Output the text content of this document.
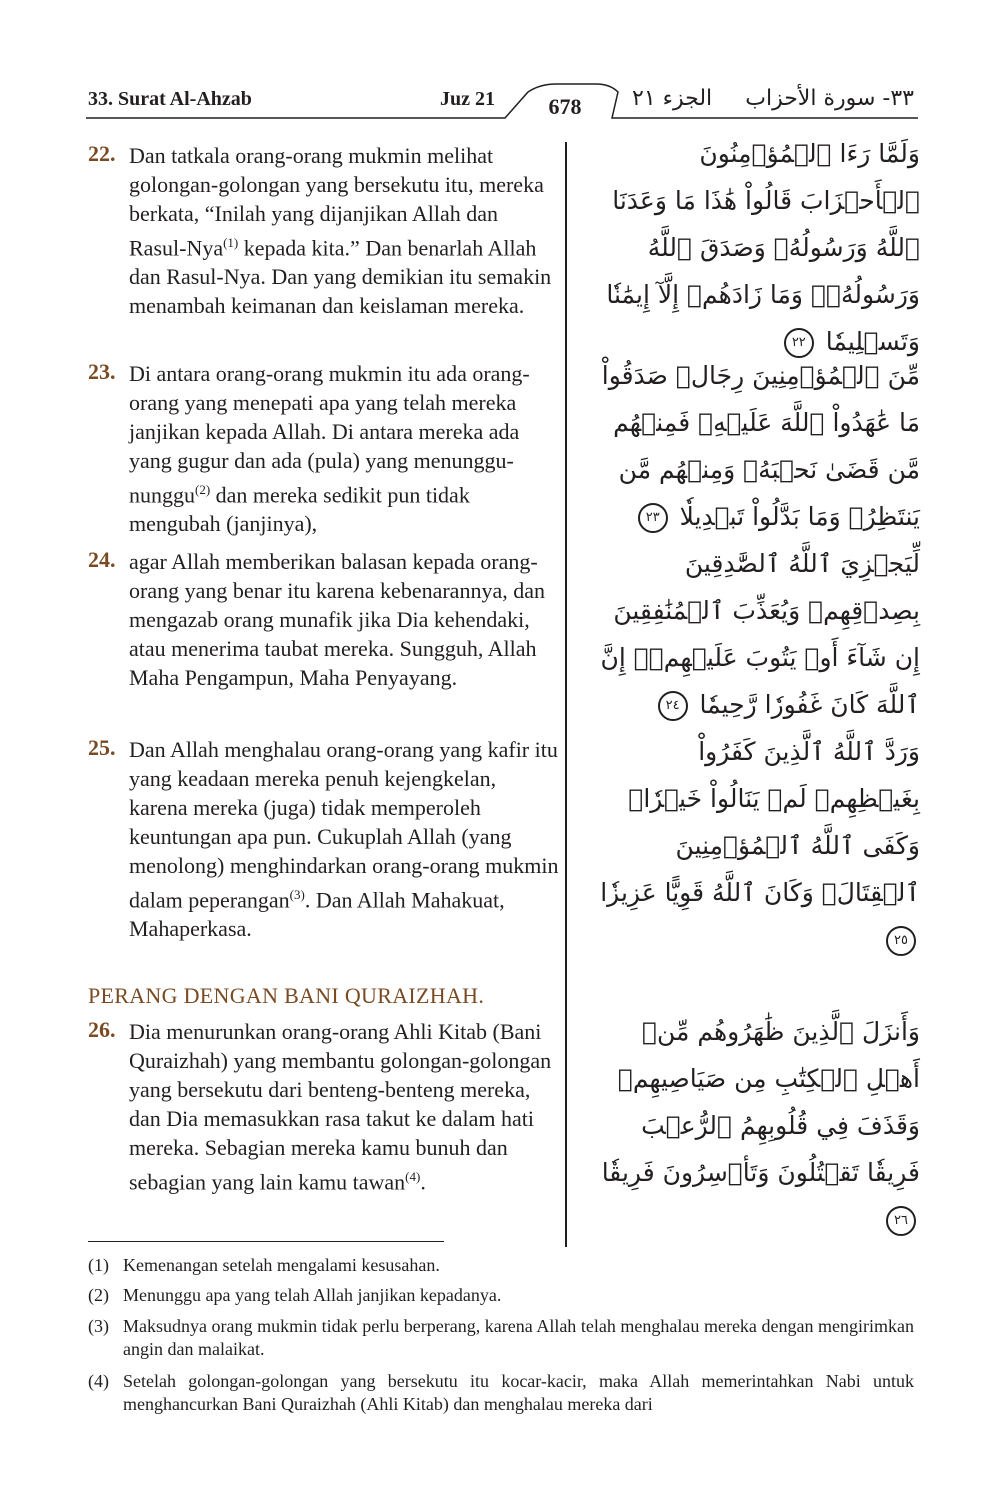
33. Surat Al-Ahzab	Juz 21	678	الجزء ٢١ ٣٣- سورة الأحزاب
22. Dan tatkala orang-orang mukmin melihat golongan-golongan yang bersekutu itu, mereka berkata, “Inilah yang dijanjikan Allah dan Rasul-Nya$^{(1)}$ kepada kita.” Dan benarlah Allah dan Rasul-Nya. Dan yang demikian itu semakin menambah keimanan dan keislaman mereka.
وَلَمَّا رَءَا ٱلۡمُؤۡمِنُونَ ٱلۡأَحۡزَابَ قَالُواْ هَٰذَا مَا وَعَدَنَا ٱللَّهُ وَرَسُولُهُۥ وَصَدَقَ ٱللَّهُ وَرَسُولُهُۥۚ وَمَا زَادَهُمۡ إِلَّآ إِيمَٰنٗا وَتَسۡلِيمٗا ٢٢
23. Di antara orang-orang mukmin itu ada orang-orang yang menepati apa yang telah mereka janjikan kepada Allah. Di antara mereka ada yang gugur dan ada (pula) yang menunggu-nunggu$^{(2)}$ dan mereka sedikit pun tidak mengubah (janjinya),
مِّنَ ٱلۡمُؤۡمِنِينَ رِجَالٞ صَدَقُواْ مَا عَٰهَدُواْ ٱللَّهَ عَلَيۡهِۖ فَمِنۡهُم مَّن قَضَىٰ نَحۡبَهُۥ وَمِنۡهُم مَّن يَنتَظِرُۖ وَمَا بَدَّلُواْ تَبۡدِيلٗا ٢٣
24. agar Allah memberikan balasan kepada orang-orang yang benar itu karena kebenarannya, dan mengazab orang munafik jika Dia kehendaki, atau menerima taubat mereka. Sungguh, Allah Maha Pengampun, Maha Penyayang.
لِّيَجۡزِيَ ٱللَّهُ ٱلصَّٰدِقِينَ بِصِدۡقِهِمۡ وَيُعَذِّبَ ٱلۡمُنَٰفِقِينَ إِن شَآءَ أَوۡ يَتُوبَ عَلَيۡهِمۡۚ إِنَّ ٱللَّهَ كَانَ غَفُورٗا رَّحِيمٗا ٢٤
25. Dan Allah menghalau orang-orang yang kafir itu yang keadaan mereka penuh kejengkelan, karena mereka (juga) tidak memperoleh keuntungan apa pun. Cukuplah Allah (yang menolong) menghindarkan orang-orang mukmin dalam peperangan$^{(3)}$. Dan Allah Mahakuat, Mahaperkasa.
وَرَدَّ ٱللَّهُ ٱلَّذِينَ كَفَرُواْ بِغَيۡظِهِمۡ لَمۡ يَنَالُواْ خَيۡرٗاۚ وَكَفَى ٱللَّهُ ٱلۡمُؤۡمِنِينَ ٱلۡقِتَالَۚ وَكَانَ ٱللَّهُ قَوِيًّا عَزِيزٗا ٢٥
PERANG DENGAN BANI QURAIZHAH.
26. Dia menurunkan orang-orang Ahli Kitab (Bani Quraizhah) yang membantu golongan-golongan yang bersekutu dari benteng-benteng mereka, dan Dia memasukkan rasa takut ke dalam hati mereka. Sebagian mereka kamu bunuh dan sebagian yang lain kamu tawan$^{(4)}$.
وَأَنزَلَ ٱلَّذِينَ ظَٰهَرُوهُم مِّنۡ أَهۡلِ ٱلۡكِتَٰبِ مِن صَيَاصِيهِمۡ وَقَذَفَ فِي قُلُوبِهِمُ ٱلرُّعۡبَ فَرِيقٗا تَقۡتُلُونَ وَتَأۡسِرُونَ فَرِيقٗا ٢٦
(1) Kemenangan setelah mengalami kesusahan.
(2) Menunggu apa yang telah Allah janjikan kepadanya.
(3) Maksudnya orang mukmin tidak perlu berperang, karena Allah telah menghalau mereka dengan mengirimkan angin dan malaikat.
(4) Setelah golongan-golongan yang bersekutu itu kocar-kacir, maka Allah memerintahkan Nabi untuk menghancurkan Bani Quraizhah (Ahli Kitab) dan menghalau mereka dari
